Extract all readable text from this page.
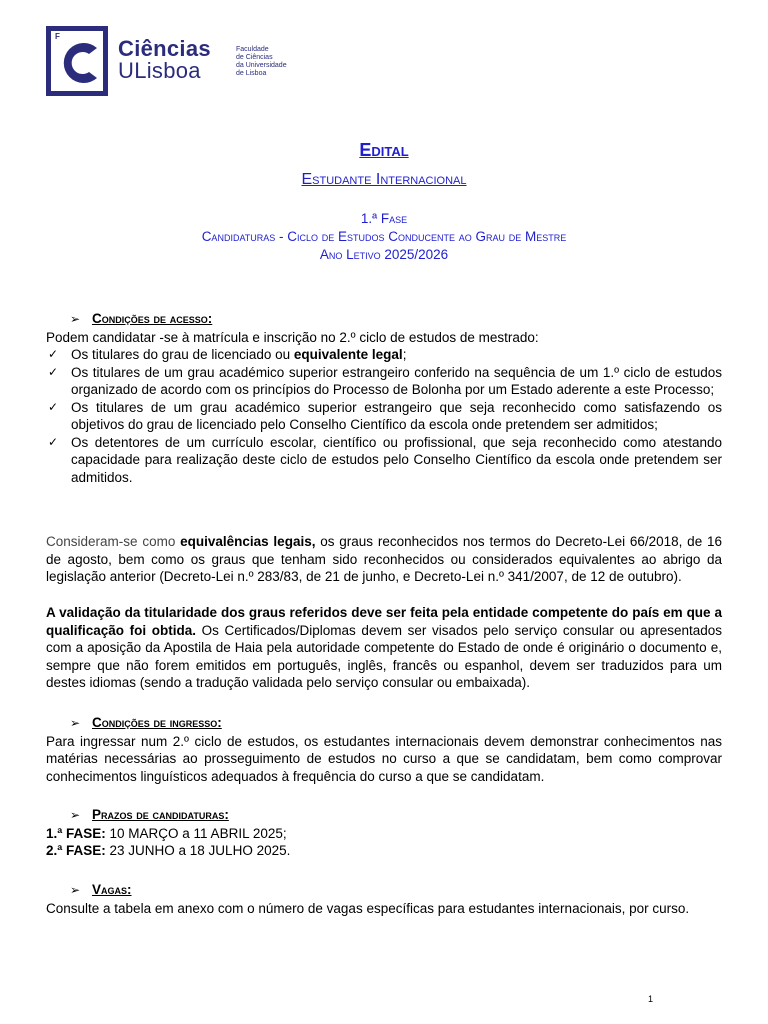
F	Ciências
ULisboa
Faculdade
de Ciências
da Universidade
de Lisboa
Edital
Estudante Internacional
1.ª Fase
Candidaturas - Ciclo de Estudos Conducente ao Grau de Mestre
Ano Letivo 2025/2026
➢ Condições de acesso:
Podem candidatar -se à matrícula e inscrição no 2.º ciclo de estudos de mestrado:
✓ Os titulares do grau de licenciado ou equivalente legal;
✓ Os titulares de um grau académico superior estrangeiro conferido na sequência de um 1.º ciclo de estudos organizado de acordo com os princípios do Processo de Bolonha por um Estado aderente a este Processo;
✓ Os titulares de um grau académico superior estrangeiro que seja reconhecido como satisfazendo os objetivos do grau de licenciado pelo Conselho Científico da escola onde pretendem ser admitidos;
✓ Os detentores de um currículo escolar, científico ou profissional, que seja reconhecido como atestando capacidade para realização deste ciclo de estudos pelo Conselho Científico da escola onde pretendem ser admitidos.
Consideram-se como equivalências legais, os graus reconhecidos nos termos do Decreto-Lei 66/2018, de 16 de agosto, bem como os graus que tenham sido reconhecidos ou considerados equivalentes ao abrigo da legislação anterior (Decreto-Lei n.º 283/83, de 21 de junho, e Decreto-Lei n.º 341/2007, de 12 de outubro).
A validação da titularidade dos graus referidos deve ser feita pela entidade competente do país em que a qualificação foi obtida. Os Certificados/Diplomas devem ser visados pelo serviço consular ou apresentados com a aposição da Apostila de Haia pela autoridade competente do Estado de onde é originário o documento e, sempre que não forem emitidos em português, inglês, francês ou espanhol, devem ser traduzidos para um destes idiomas (sendo a tradução validada pelo serviço consular ou embaixada).
➢ Condições de ingresso:
Para ingressar num 2.º ciclo de estudos, os estudantes internacionais devem demonstrar conhecimentos nas matérias necessárias ao prosseguimento de estudos no curso a que se candidatam, bem como comprovar conhecimentos linguísticos adequados à frequência do curso a que se candidatam.
➢ Prazos de candidaturas:
1.ª FASE: 10 MARÇO a 11 ABRIL 2025;
2.ª FASE: 23 JUNHO a 18 JULHO 2025.
➢ Vagas:
Consulte a tabela em anexo com o número de vagas específicas para estudantes internacionais, por curso.
1
